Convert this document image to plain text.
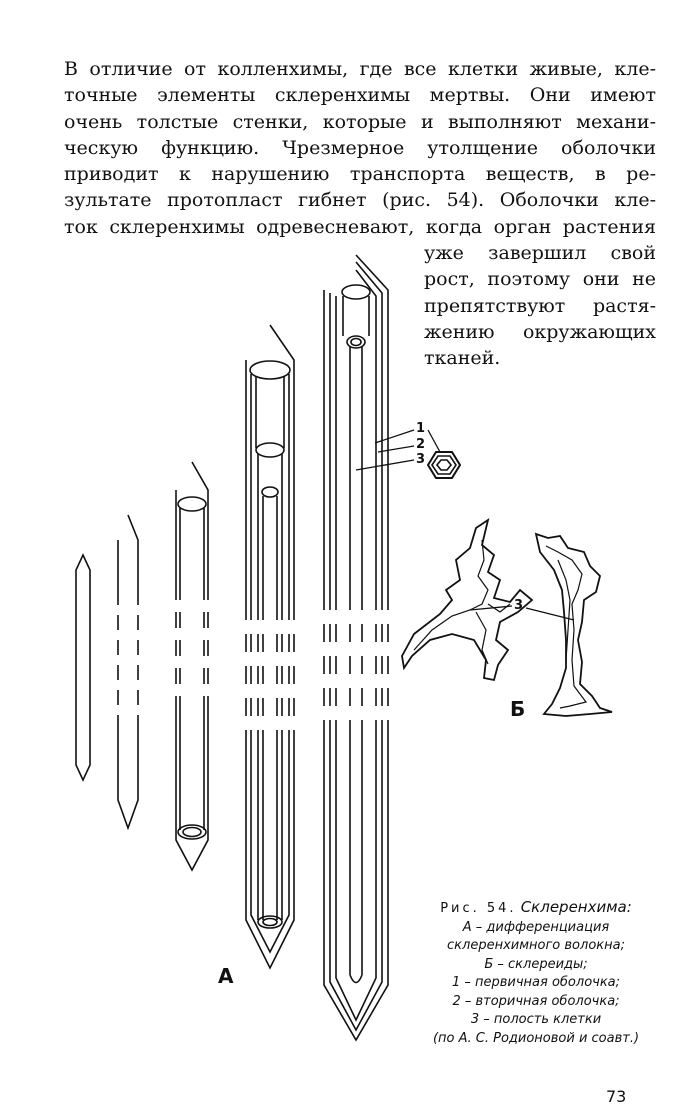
В отличие от колленхимы, где все клетки живые, кле-
точные элементы склеренхимы мертвы. Они имеют
очень толстые стенки, которые и выполняют механи-
ческую функцию. Чрезмерное утолщение оболочки
приводит к нарушению транспорта веществ, в ре-
зультате протопласт гибнет (рис. 54). Оболочки кле-
ток склеренхимы одревесневают, когда орган растения
уже завершил свой
рост, поэтому они не
препятствуют растя-
жению окружающих
тканей.
1
2
3
3
А
Б
Рис. 54. Склеренхима:
А – дифференциация
склеренхимного волокна;
Б – склереиды;
1 – первичная оболочка;
2 – вторичная оболочка;
3 – полость клетки
(по А. С. Родионовой и соавт.)
73
